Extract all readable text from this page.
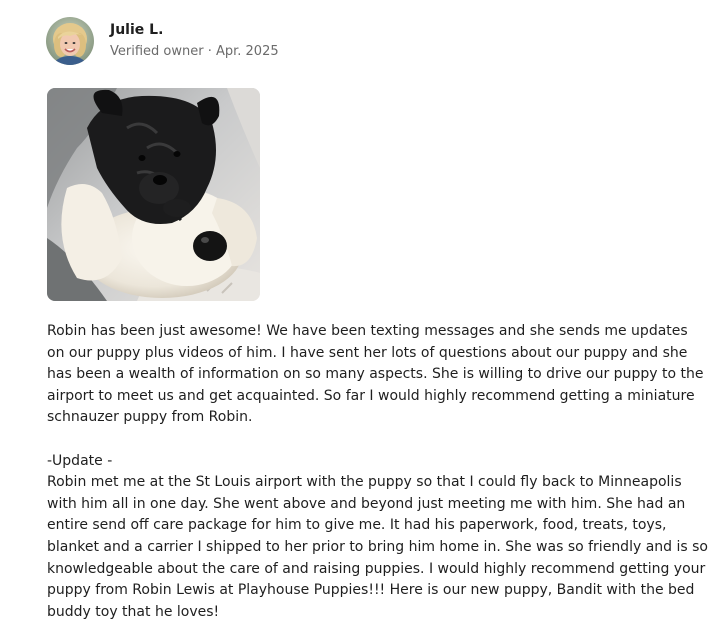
Julie L.
Verified owner · Apr. 2025

Robin has been just awesome! We have been texting messages and she sends me updates on our puppy plus videos of him. I have sent her lots of questions about our puppy and she has been a wealth of information on so many aspects. She is willing to drive our puppy to the airport to meet us and get acquainted. So far I would highly recommend getting a miniature schnauzer puppy from Robin.

-Update -

Robin met me at the St Louis airport with the puppy so that I could fly back to Minneapolis with him all in one day. She went above and beyond just meeting me with him. She had an entire send off care package for him to give me. It had his paperwork, food, treats, toys, blanket and a carrier I shipped to her prior to bring him home in. She was so friendly and is so knowledgeable about the care of and raising puppies. I would highly recommend getting your puppy from Robin Lewis at Playhouse Puppies!!! Here is our new puppy, Bandit with the bed buddy toy that he loves!
